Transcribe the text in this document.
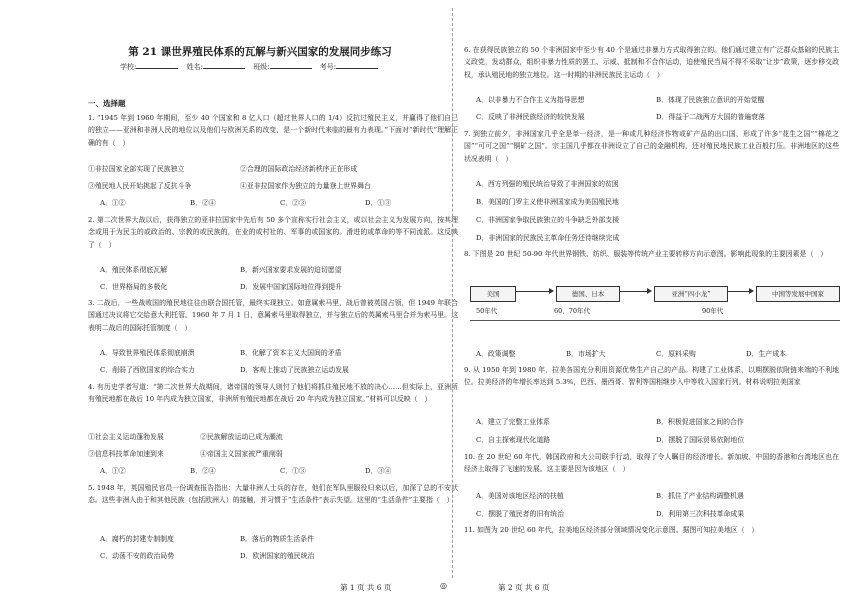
第 21 课世界殖民体系的瓦解与新兴国家的发展同步练习
学校:	姓名:	班级:	考号:
一、选择题
1. “1945 年到 1960 年期间，至少 40 个国家和 8 亿人口（超过世界人口的 1/4）反抗过殖民主义，并赢得了他们自己的独立——亚洲和非洲人民的地位以及他们与欧洲关系的改变，是一个新时代来临的最有力表现。”下面对“新时代”理解正确的有（　）
①非拉国家全部实现了民族独立	②合理的国际政治经济新秩序正在形成
③殖民地人民开始挑起了反抗斗争	④亚非拉国家作为独立的力量登上世界舞台
A．①②	B．②④	C．②③	D．①③
2. 第二次世界大战以后，获得独立的亚非拉国家中先后有 50 多个宣称实行社会主义，或以社会主义为发展方向，按其理念或用于为民主的或政治的、宗教的或民族的，在业的或村社的、军事的或国家的。滑进的或革命的等不同流派。这反映了（　）
A．殖民体系彻底瓦解	B．新兴国家要求发展的迫切愿望
C．世界格局的多极化	D．发展中国家国际地位得到提升
3. 二战后，一些战败国的殖民地往往由联合国托管，最终实现独立。如意属索马里，战后曾被英国占领，但 1949 年联合国通过决议将它交给意大利托管。1960 年 7 月 1 日，意属索马里取得独立，并与独立后的英属索马里合并为索马里。这表明二战后的国际托管制度（　）
A．导致世界殖民体系彻底崩溃	B．化解了资本主义大国间的矛盾
C．削弱了西欧国家的综合实力	D．客观上推动了民族独立运动发展
4. 有历史学者写道：“第二次世界大战期间，诸帝国的领导人则忖了他们将抓住殖民地不放的决心……但实际上，亚洲所有殖民地都在战后 10 年内成为独立国家，非洲所有殖民地都在战后 20 年内成为独立国家。”材料可以反映（　）
①社会主义运动蓬勃发展	②民族解放运动已成为潮流
③信息科技革命加速到来	④帝国主义国家被严重削弱
A．①②	B．②④	C．①③	D．③④
5. 1948 年，英国殖民官员一份调查报告指出：大量非洲人士兵的存在，他们在军队里服役归来以后，加深了总的不安状态。这些非洲人由于和其他民族（包括欧洲人）的接触，并习惯于“生活条件”表示失望。这里的“生活条件”主要指（　）
A．腐朽的封建专制制度	B．落后的物质生活条件
C．动荡不安的政治局势	D．欧洲国家的殖民统治
第 1 页 共 6 页	◎
6. 在获得民族独立的 50 个非洲国家中至少有 40 个是通过非暴力方式取得独立的。他们通过建立有广泛群众基础的民族主义政党，发动群众，组织非暴力性质的罢工、示威、抵制和不合作运动，迫使殖民当局不得不采取“让步”政策，逐步移交政权，承认殖民地的独立地位。这一时期的非洲民族民主运动（　）
A．以非暴力不合作主义为指导思想	B．体现了民族独立意识的开始觉醒
C．反映了非洲民族经济的较快发展	D．得益于二战两方大国的普遍衰落
7. 到独立前夕，非洲国家几乎全是单一经济，是一种或几种经济作物或矿产品的出口国，形成了许多“花生之国”“棉花之国”“可可之国”“铜矿之国”。宗主国几乎都在非洲设立了自己的金融机构，还对殖民地民族工业百般打压。非洲地区的这些状况表明（　）
A．西方列强的殖民统治导致了非洲国家的贫困
B．美国的门罗主义使非洲国家成为美国殖民地
C．非洲国家争取民族独立的斗争缺乏外部支援
D．非洲国家的民族民主革命任务还待继续完成
8. 下图是 20 世纪 50-90 年代世界钢铁、纺织、服装等传统产业主要转移方向示意图。影响此现象的主要因素是（　）
美国	德国、日本	亚洲“四小龙”	中国等发展中国家
50年代	60、70年代	90年代
A．政策调整	B．市场扩大	C．原料采购	D．生产成本
9. 从 1950 年到 1980 年，拉美各国充分利用资源优势生产自己的产品。构建了工业体系，以期摆脱依附链来端的不利地位。拉美经济的年增长率达到 5.3%，巴西、墨西哥、智利等国相继步入中等收入国家行列。材料说明拉美国家
A．建立了完整工业体系	B．积极促进国家之间的合作
C．自主探索现代化道路	D．摆脱了国际贸易依附地位
10. 在 20 世纪 60 年代，韩国政府和大公司联手行动，取得了令人瞩目的经济增长。新加坡、中国的香港和台湾地区也在经济上取得了飞速的发展。这主要是因为该地区（　）
A．美国对该地区经济的扶植	B．抓住了产业结构调整机遇
C．摆脱了殖民者的旧有统治	D．利用第三次科技革命成果
11. 如图为 20 世纪 60 年代，拉美地区经济部分领域情况变化示意图。据图可知拉美地区（　）
第 2 页 共 6 页
